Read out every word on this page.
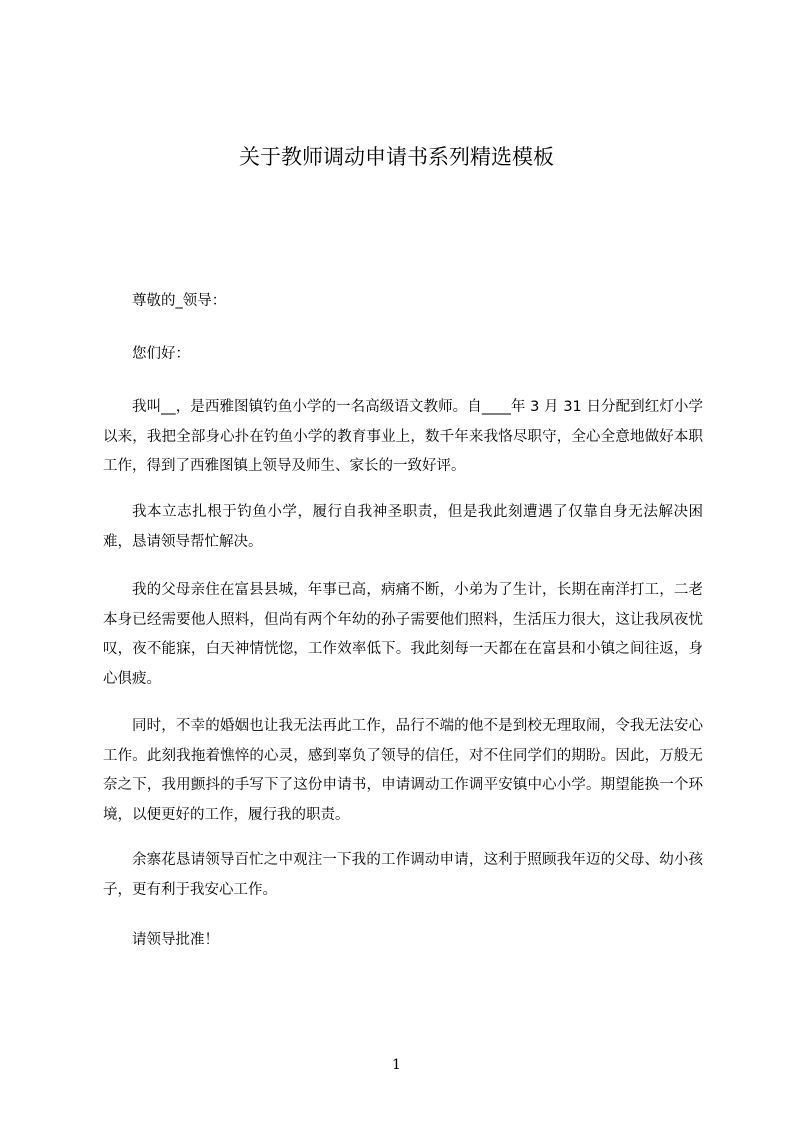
关于教师调动申请书系列精选模板

尊敬的_领导：

您们好：

我叫__，是西雅图镇钓鱼小学的一名高级语文教师。自____年 3 月 31 日分配到红灯小学以来，我把全部身心扑在钓鱼小学的教育事业上，数千年来我恪尽职守，全心全意地做好本职工作，得到了西雅图镇上领导及师生、家长的一致好评。

我本立志扎根于钓鱼小学，履行自我神圣职责，但是我此刻遭遇了仅靠自身无法解决困难，恳请领导帮忙解决。

我的父母亲住在富县县城，年事已高，病痛不断，小弟为了生计，长期在南洋打工，二老本身已经需要他人照料，但尚有两个年幼的孙子需要他们照料，生活压力很大，这让我夙夜忧叹，夜不能寐，白天神情恍惚，工作效率低下。我此刻每一天都在在富县和小镇之间往返，身心俱疲。

同时，不幸的婚姻也让我无法再此工作，品行不端的他不是到校无理取闹，令我无法安心工作。此刻我拖着憔悴的心灵，感到辜负了领导的信任，对不住同学们的期盼。因此，万般无奈之下，我用颤抖的手写下了这份申请书，申请调动工作调平安镇中心小学。期望能换一个环境，以便更好的工作，履行我的职责。

余寨花恳请领导百忙之中观注一下我的工作调动申请，这利于照顾我年迈的父母、幼小孩子，更有利于我安心工作。

请领导批准！

1
